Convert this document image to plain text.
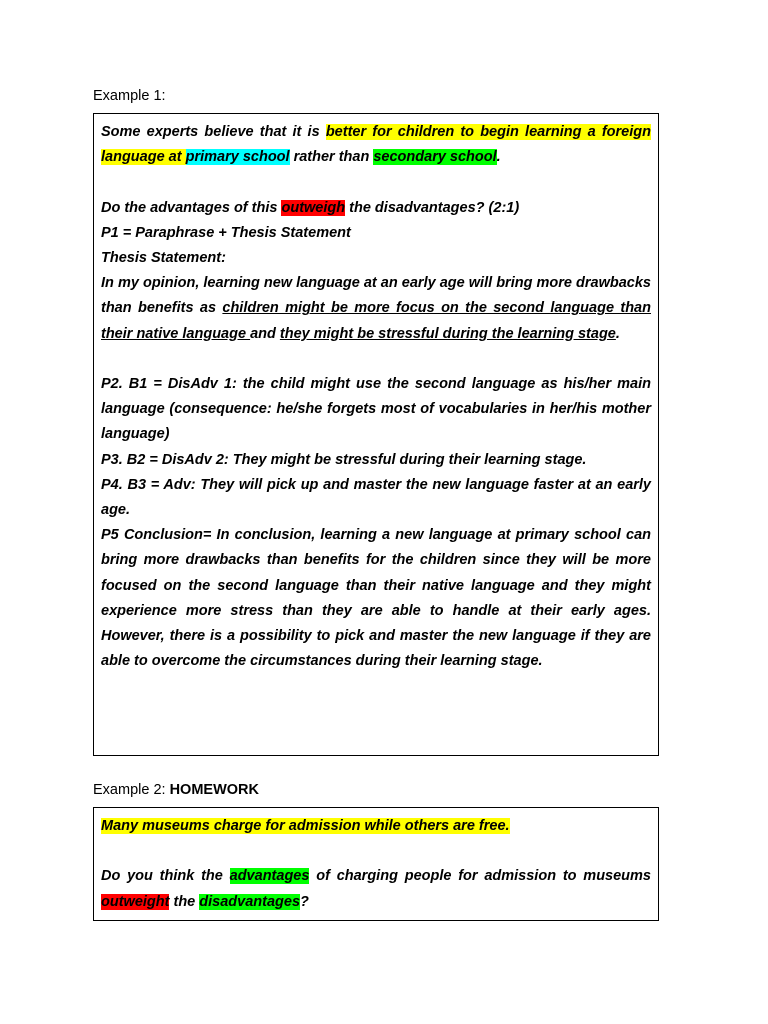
Example 1:

Some experts believe that it is better for children to begin learning a foreign language at primary school rather than secondary school.

Do the advantages of this outweigh the disadvantages? (2:1)

P1 = Paraphrase + Thesis Statement

Thesis Statement:

In my opinion, learning new language at an early age will bring more drawbacks than benefits as children might be more focus on the second language than their native language and they might be stressful during the learning stage.

P2. B1 = DisAdv 1: the child might use the second language as his/her main language (consequence: he/she forgets most of vocabularies in her/his mother language)

P3. B2 = DisAdv 2: They might be stressful during their learning stage.

P4. B3 = Adv: They will pick up and master the new language faster at an early age.

P5 Conclusion= In conclusion, learning a new language at primary school can bring more drawbacks than benefits for the children since they will be more focused on the second language than their native language and they might experience more stress than they are able to handle at their early ages. However, there is a possibility to pick and master the new language if they are able to overcome the circumstances during their learning stage.

Example 2: HOMEWORK

Many museums charge for admission while others are free.

Do you think the advantages of charging people for admission to museums outweight the disadvantages?
